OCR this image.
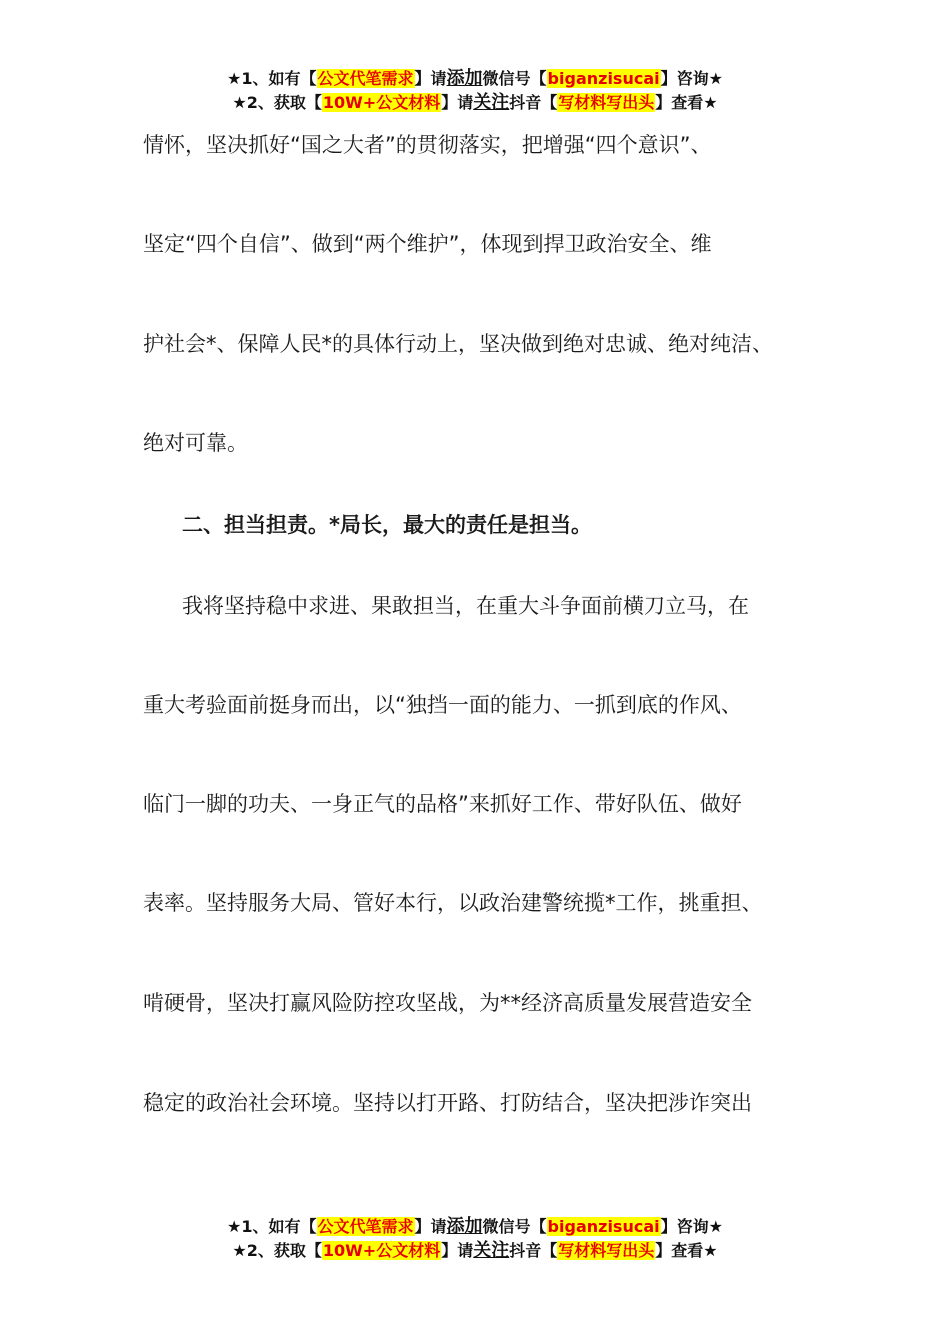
★1、如有【公文代笔需求】请添加微信号【biganzisucai】咨询★
★2、获取【10W+公文材料】请关注抖音【写材料写出头】查看★
情怀，坚决抓好“国之大者”的贯彻落实，把增强“四个意识”、
坚定“四个自信”、做到“两个维护”，体现到捍卫政治安全、维
护社会*、保障人民*的具体行动上，坚决做到绝对忠诚、绝对纯洁、
绝对可靠。
二、担当担责。*局长，最大的责任是担当。
我将坚持稳中求进、果敢担当，在重大斗争面前横刀立马，在
重大考验面前挺身而出，以“独挡一面的能力、一抓到底的作风、
临门一脚的功夫、一身正气的品格”来抓好工作、带好队伍、做好
表率。坚持服务大局、管好本行，以政治建警统揽*工作，挑重担、
啃硬骨，坚决打赢风险防控攻坚战，为**经济高质量发展营造安全
稳定的政治社会环境。坚持以打开路、打防结合，坚决把涉诈突出
★1、如有【公文代笔需求】请添加微信号【biganzisucai】咨询★
★2、获取【10W+公文材料】请关注抖音【写材料写出头】查看★
